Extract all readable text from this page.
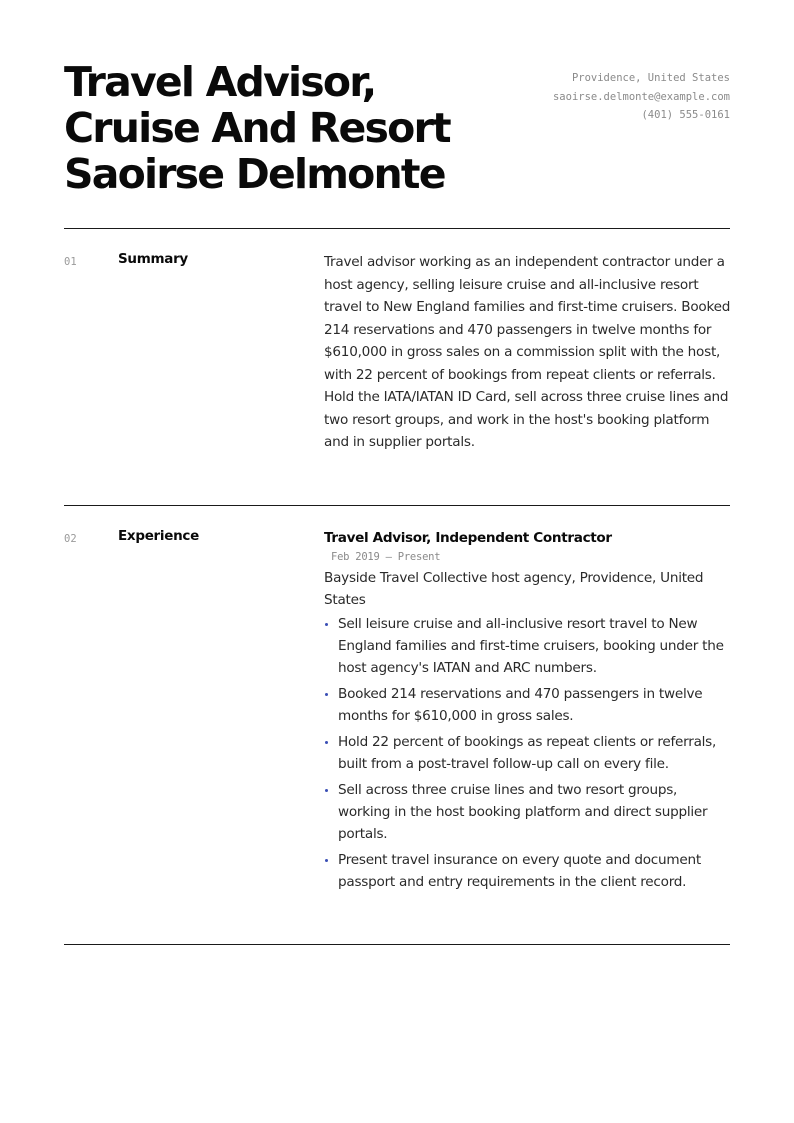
Travel Advisor,
Cruise And Resort
Saoirse Delmonte
Providence, United States
saoirse.delmonte@example.com
(401) 555-0161
01	Summary	Travel advisor working as an independent contractor under a host agency, selling leisure cruise and all-inclusive resort travel to New England families and first-time cruisers. Booked 214 reservations and 470 passengers in twelve months for $610,000 in gross sales on a commission split with the host, with 22 percent of bookings from repeat clients or referrals. Hold the IATA/IATAN ID Card, sell across three cruise lines and two resort groups, and work in the host's booking platform and in supplier portals.
02	Experience	Travel Advisor, Independent Contractor
Feb 2019 — Present
Bayside Travel Collective host agency, Providence, United States
Sell leisure cruise and all-inclusive resort travel to New England families and first-time cruisers, booking under the host agency's IATAN and ARC numbers.
Booked 214 reservations and 470 passengers in twelve months for $610,000 in gross sales.
Hold 22 percent of bookings as repeat clients or referrals, built from a post-travel follow-up call on every file.
Sell across three cruise lines and two resort groups, working in the host booking platform and direct supplier portals.
Present travel insurance on every quote and document passport and entry requirements in the client record.
